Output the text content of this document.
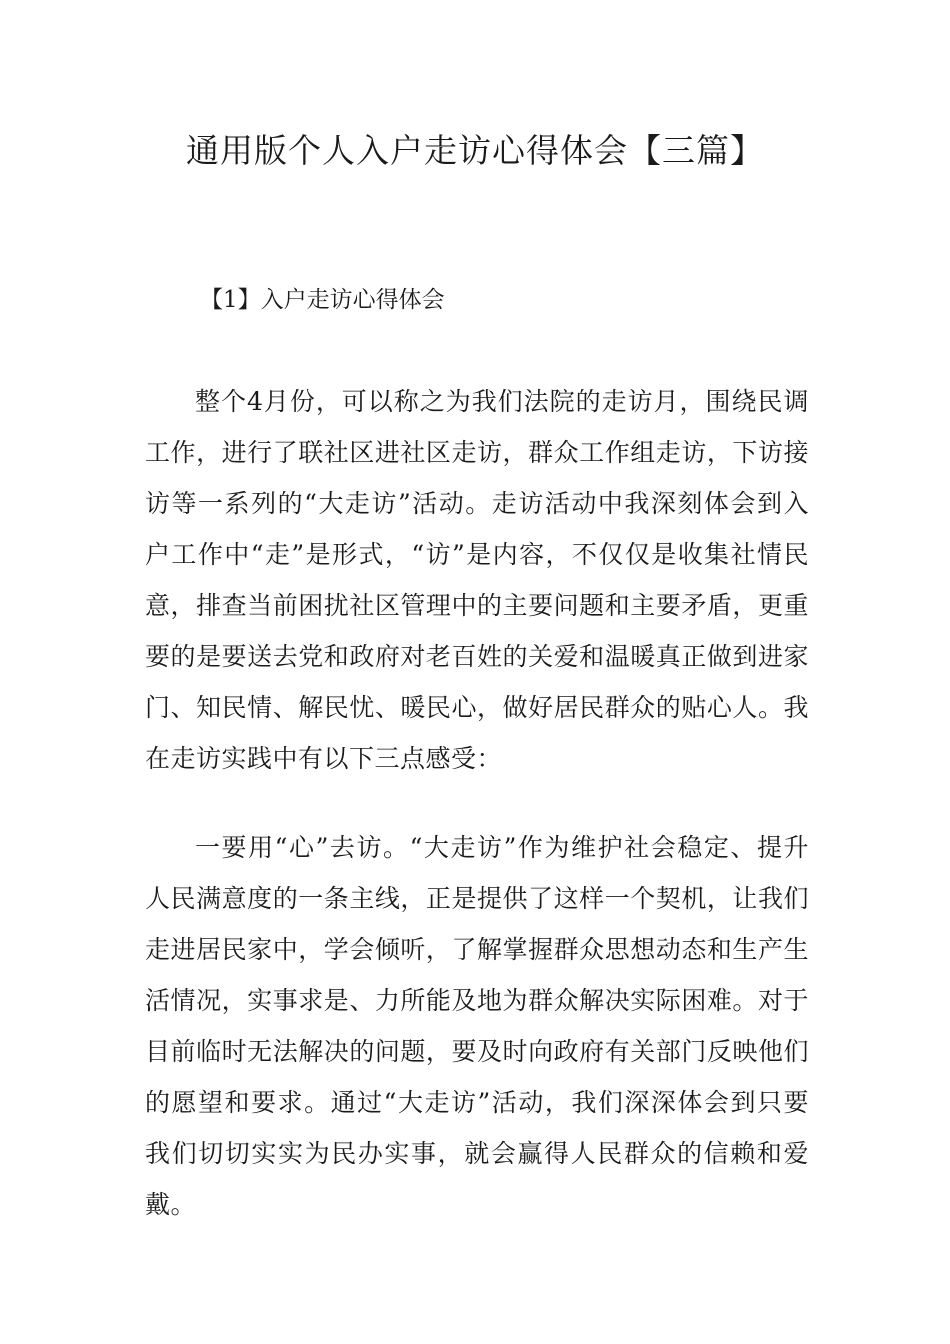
通用版个人入户走访心得体会【三篇】
【1】入户走访心得体会

整个4月份，可以称之为我们法院的走访月，围绕民调工作，进行了联社区进社区走访，群众工作组走访，下访接访等一系列的“大走访”活动。走访活动中我深刻体会到入户工作中“走”是形式，“访”是内容，不仅仅是收集社情民意，排查当前困扰社区管理中的主要问题和主要矛盾，更重要的是要送去党和政府对老百姓的关爱和温暖真正做到进家门、知民情、解民忧、暖民心，做好居民群众的贴心人。我在走访实践中有以下三点感受：

一要用“心”去访。“大走访”作为维护社会稳定、提升人民满意度的一条主线，正是提供了这样一个契机，让我们走进居民家中，学会倾听，了解掌握群众思想动态和生产生活情况，实事求是、力所能及地为群众解决实际困难。对于目前临时无法解决的问题，要及时向政府有关部门反映他们的愿望和要求。通过“大走访”活动，我们深深体会到只要我们切切实实为民办实事，就会赢得人民群众的信赖和爱戴。
